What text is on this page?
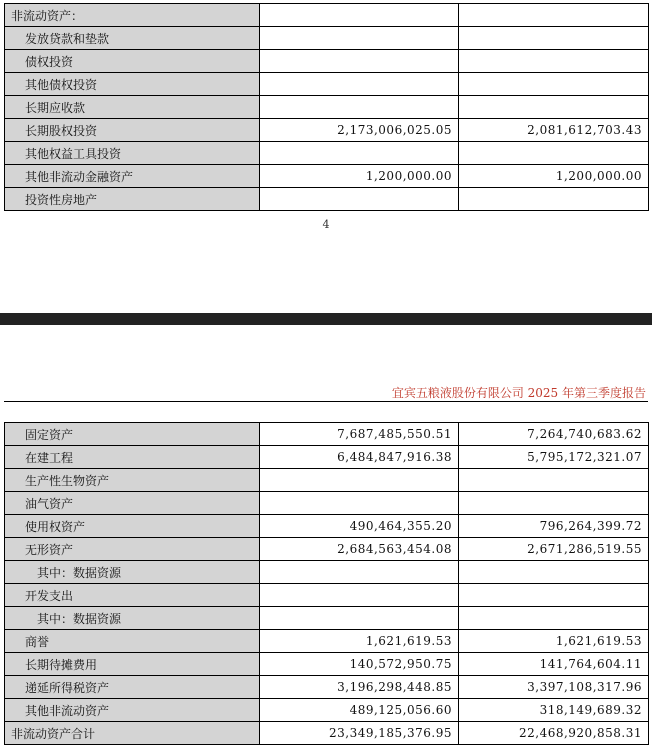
非流动资产：		
发放贷款和垫款		
债权投资		
其他债权投资		
长期应收款		
长期股权投资	2,173,006,025.05	2,081,612,703.43
其他权益工具投资		
其他非流动金融资产	1,200,000.00	1,200,000.00
投资性房地产		
4
宜宾五粮液股份有限公司 2025 年第三季度报告
固定资产	7,687,485,550.51	7,264,740,683.62
在建工程	6,484,847,916.38	5,795,172,321.07
生产性生物资产		
油气资产		
使用权资产	490,464,355.20	796,264,399.72
无形资产	2,684,563,454.08	2,671,286,519.55
其中：数据资源		
开发支出		
其中：数据资源		
商誉	1,621,619.53	1,621,619.53
长期待摊费用	140,572,950.75	141,764,604.11
递延所得税资产	3,196,298,448.85	3,397,108,317.96
其他非流动资产	489,125,056.60	318,149,689.32
非流动资产合计	23,349,185,376.95	22,468,920,858.31
